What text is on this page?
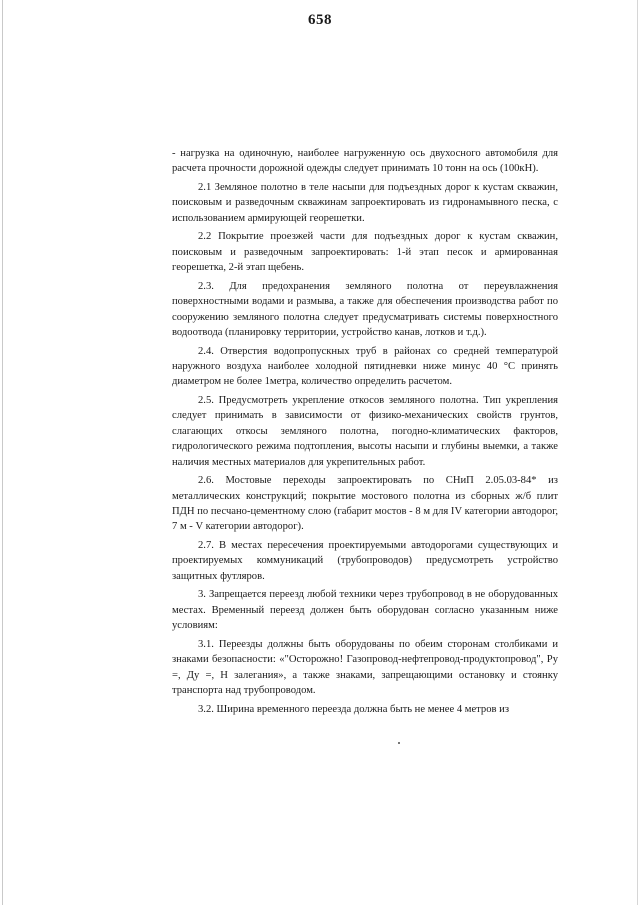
658

- нагрузка на одиночную, наиболее нагруженную ось двухосного автомобиля для расчета прочности дорожной одежды следует принимать 10 тонн на ось (100кН).

2.1 Земляное полотно в теле насыпи для подъездных дорог к кустам скважин, поисковым и разведочным скважинам запроектировать из гидронамывного песка, с использованием армирующей георешетки.

2.2 Покрытие проезжей части для подъездных дорог к кустам скважин, поисковым и разведочным запроектировать: 1-й этап песок и армированная георешетка, 2-й этап щебень.

2.3. Для предохранения земляного полотна от переувлажнения поверхностными водами и размыва, а также для обеспечения производства работ по сооружению земляного полотна следует предусматривать системы поверхностного водоотвода (планировку территории, устройство канав, лотков и т.д.).

2.4. Отверстия водопропускных труб в районах со средней температурой наружного воздуха наиболее холодной пятидневки ниже минус 40 °C принять диаметром не более 1метра, количество определить расчетом.

2.5. Предусмотреть укрепление откосов земляного полотна. Тип укрепления следует принимать в зависимости от физико-механических свойств грунтов, слагающих откосы земляного полотна, погодно-климатических факторов, гидрологического режима подтопления, высоты насыпи и глубины выемки, а также наличия местных материалов для укрепительных работ.

2.6. Мостовые переходы запроектировать по СНиП 2.05.03-84* из металлических конструкций; покрытие мостового полотна из сборных ж/б плит ПДН по песчано-цементному слою (габарит мостов - 8 м для IV категории автодорог, 7 м - V категории автодорог).

2.7. В местах пересечения проектируемыми автодорогами существующих и проектируемых коммуникаций (трубопроводов) предусмотреть устройство защитных футляров.

3. Запрещается переезд любой техники через трубопровод в не оборудованных местах. Временный переезд должен быть оборудован согласно указанным ниже условиям:

3.1. Переезды должны быть оборудованы по обеим сторонам столбиками и знаками безопасности: «"Осторожно! Газопровод-нефтепровод-продуктопровод", Ру =, Ду =, Н залегания», а также знаками, запрещающими остановку и стоянку транспорта над трубопроводом.

3.2. Ширина временного переезда должна быть не менее 4 метров из
